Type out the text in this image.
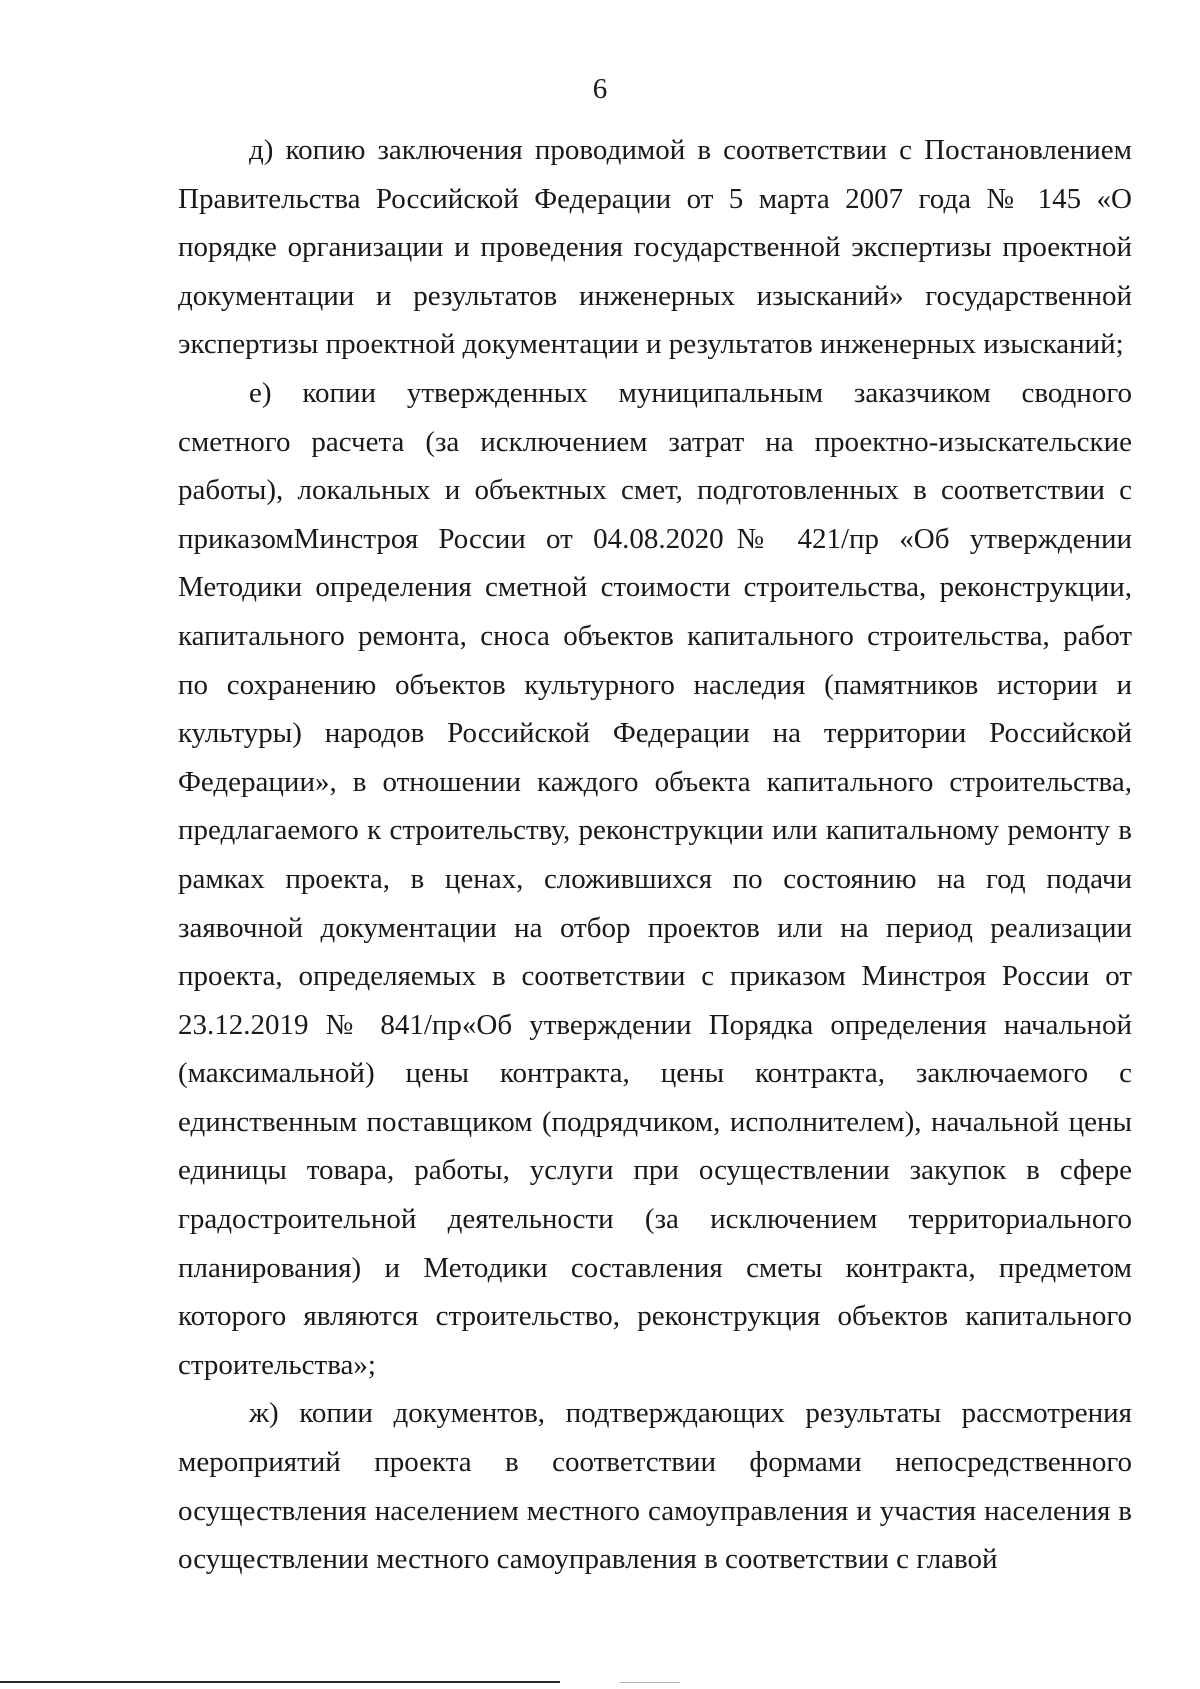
6

д) копию заключения проводимой в соответствии с Постановлением Правительства Российской Федерации от 5 марта 2007 года № 145 «О порядке организации и проведения государственной экспертизы проектной документации и результатов инженерных изысканий» государственной экспертизы проектной документации и результатов инженерных изысканий;

е) копии утвержденных муниципальным заказчиком сводного сметного расчета (за исключением затрат на проектно-изыскательские работы), локальных и объектных смет, подготовленных в соответствии с приказомМинстроя России от 04.08.2020№ 421/пр «Об утверждении Методики определения сметной стоимости строительства, реконструкции, капитального ремонта, сноса объектов капитального строительства, работ по сохранению объектов культурного наследия (памятников истории и культуры) народов Российской Федерации на территории Российской Федерации», в отношении каждого объекта капитального строительства, предлагаемого к строительству, реконструкции или капитальному ремонту в рамках проекта, в ценах, сложившихся по состоянию на год подачи заявочной документации на отбор проектов или на период реализации проекта, определяемых в соответствии с приказом Минстроя России от 23.12.2019 № 841/пр«Об утверждении Порядка определения начальной (максимальной) цены контракта, цены контракта, заключаемого с единственным поставщиком (подрядчиком, исполнителем), начальной цены единицы товара, работы, услуги при осуществлении закупок в сфере градостроительной деятельности (за исключением территориального планирования) и Методики составления сметы контракта, предметом которого являются строительство, реконструкция объектов капитального строительства»;

ж) копии документов, подтверждающих результаты рассмотрения мероприятий проекта в соответствии формами непосредственного осуществления населением местного самоуправления и участия населения в осуществлении местного самоуправления в соответствии с главой
